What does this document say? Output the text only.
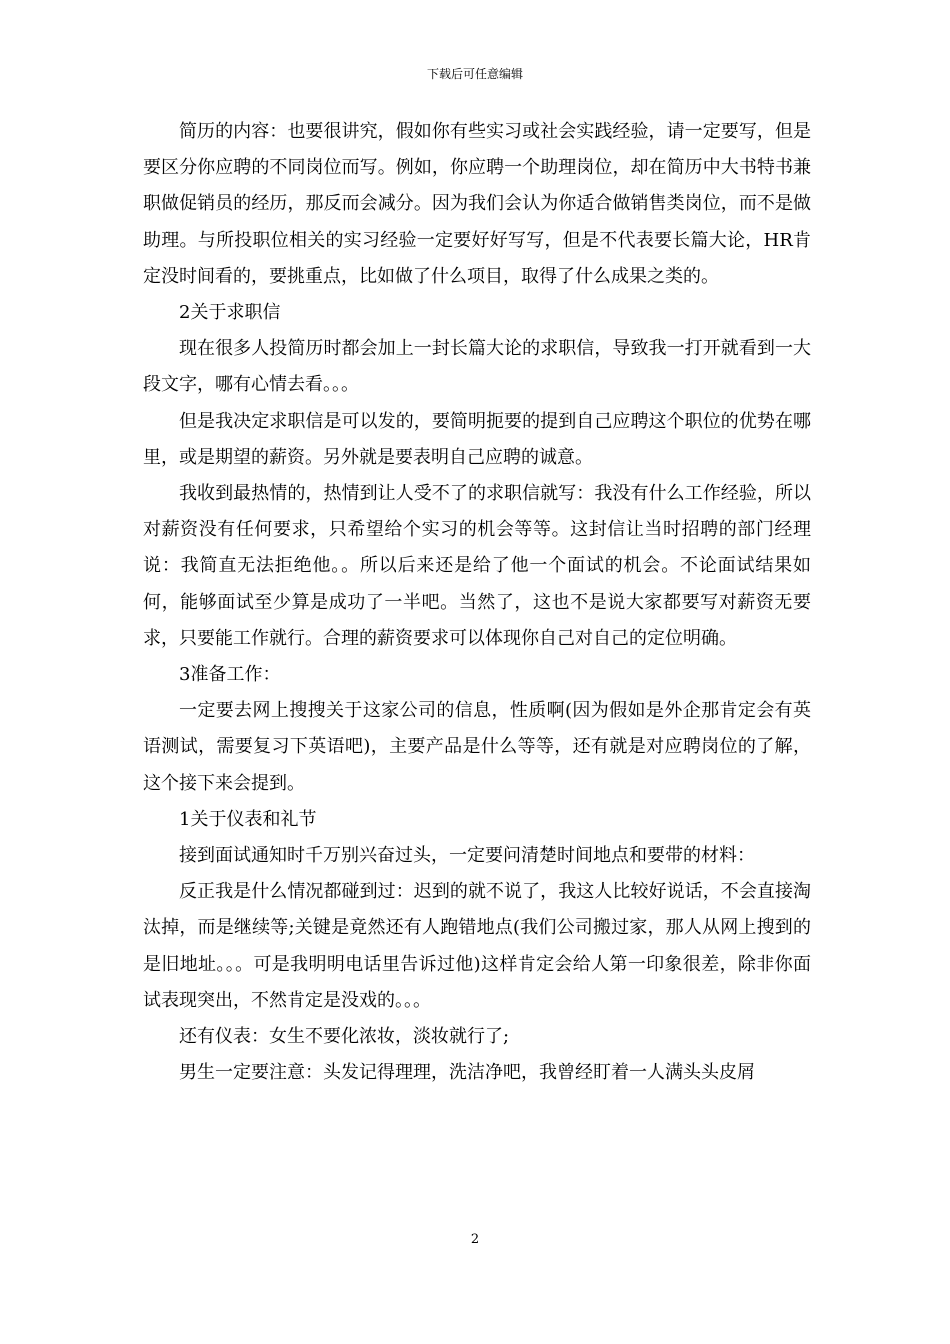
下载后可任意编辑

简历的内容：也要很讲究，假如你有些实习或社会实践经验，请一定要写，但是要区分你应聘的不同岗位而写。例如，你应聘一个助理岗位，却在简历中大书特书兼职做促销员的经历，那反而会减分。因为我们会认为你适合做销售类岗位，而不是做助理。与所投职位相关的实习经验一定要好好写写，但是不代表要长篇大论，HR肯定没时间看的，要挑重点，比如做了什么项目，取得了什么成果之类的。

2关于求职信

现在很多人投简历时都会加上一封长篇大论的求职信，导致我一打开就看到一大段文字，哪有心情去看。。。

但是我决定求职信是可以发的，要简明扼要的提到自己应聘这个职位的优势在哪里，或是期望的薪资。另外就是要表明自己应聘的诚意。

我收到最热情的，热情到让人受不了的求职信就写：我没有什么工作经验，所以对薪资没有任何要求，只希望给个实习的机会等等。这封信让当时招聘的部门经理说：我简直无法拒绝他。。所以后来还是给了他一个面试的机会。不论面试结果如何，能够面试至少算是成功了一半吧。当然了，这也不是说大家都要写对薪资无要求，只要能工作就行。合理的薪资要求可以体现你自己对自己的定位明确。

3准备工作：

一定要去网上搜搜关于这家公司的信息，性质啊(因为假如是外企那肯定会有英语测试，需要复习下英语吧)，主要产品是什么等等，还有就是对应聘岗位的了解，这个接下来会提到。

1关于仪表和礼节

接到面试通知时千万别兴奋过头，一定要问清楚时间地点和要带的材料：

反正我是什么情况都碰到过：迟到的就不说了，我这人比较好说话，不会直接淘汰掉，而是继续等;关键是竟然还有人跑错地点(我们公司搬过家，那人从网上搜到的是旧地址。。。可是我明明电话里告诉过他)这样肯定会给人第一印象很差，除非你面试表现突出，不然肯定是没戏的。。。

还有仪表：女生不要化浓妆，淡妆就行了;

男生一定要注意：头发记得理理，洗洁净吧，我曾经盯着一人满头头皮屑

2
